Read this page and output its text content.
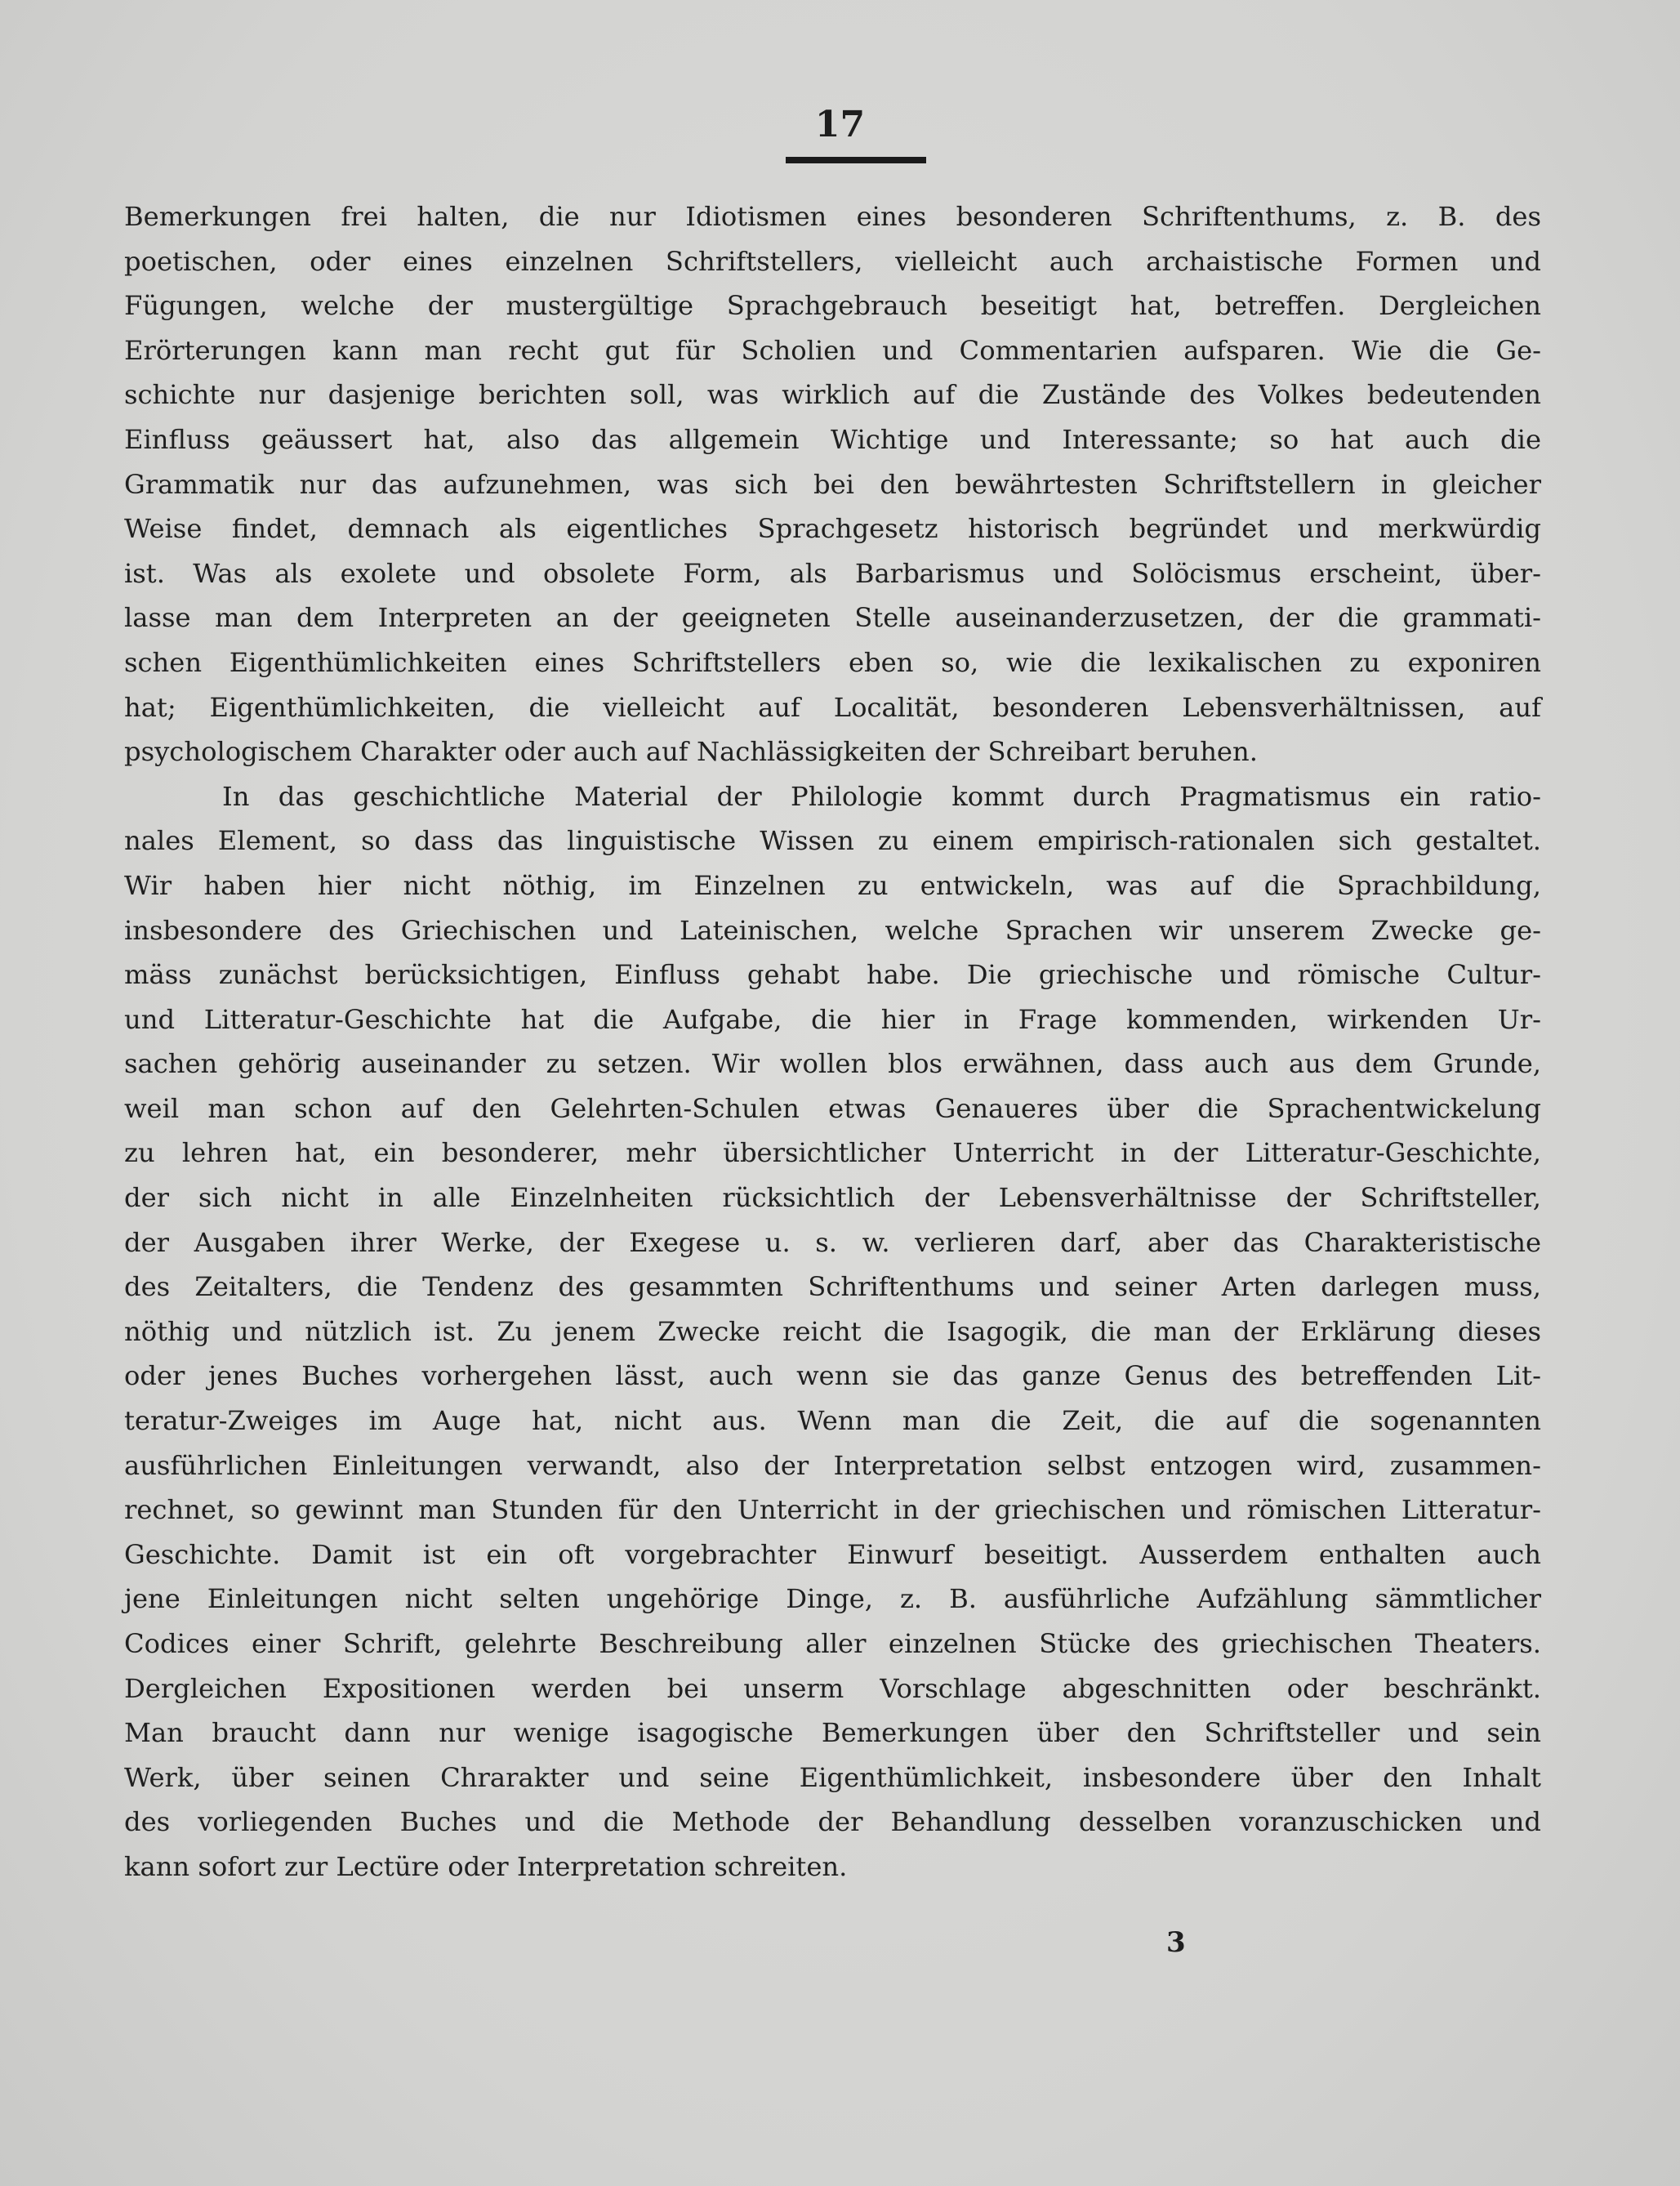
17
Bemerkungen frei halten, die nur Idiotismen eines besonderen Schriftenthums, z. B. des
poetischen, oder eines einzelnen Schriftstellers, vielleicht auch archaistische Formen und
Fügungen, welche der mustergültige Sprachgebrauch beseitigt hat, betreffen. Dergleichen
Erörterungen kann man recht gut für Scholien und Commentarien aufsparen. Wie die Ge-
schichte nur dasjenige berichten soll, was wirklich auf die Zustände des Volkes bedeutenden
Einfluss geäussert hat, also das allgemein Wichtige und Interessante; so hat auch die
Grammatik nur das aufzunehmen, was sich bei den bewährtesten Schriftstellern in gleicher
Weise findet, demnach als eigentliches Sprachgesetz historisch begründet und merkwürdig
ist. Was als exolete und obsolete Form, als Barbarismus und Solöcismus erscheint, über-
lasse man dem Interpreten an der geeigneten Stelle auseinanderzusetzen, der die grammati-
schen Eigenthümlichkeiten eines Schriftstellers eben so, wie die lexikalischen zu exponiren
hat; Eigenthümlichkeiten, die vielleicht auf Localität, besonderen Lebensverhältnissen, auf
psychologischem Charakter oder auch auf Nachlässigkeiten der Schreibart beruhen.
In das geschichtliche Material der Philologie kommt durch Pragmatismus ein ratio-
nales Element, so dass das linguistische Wissen zu einem empirisch-rationalen sich gestaltet.
Wir haben hier nicht nöthig, im Einzelnen zu entwickeln, was auf die Sprachbildung,
insbesondere des Griechischen und Lateinischen, welche Sprachen wir unserem Zwecke ge-
mäss zunächst berücksichtigen, Einfluss gehabt habe. Die griechische und römische Cultur-
und Litteratur-Geschichte hat die Aufgabe, die hier in Frage kommenden, wirkenden Ur-
sachen gehörig auseinander zu setzen. Wir wollen blos erwähnen, dass auch aus dem Grunde,
weil man schon auf den Gelehrten-Schulen etwas Genaueres über die Sprachentwickelung
zu lehren hat, ein besonderer, mehr übersichtlicher Unterricht in der Litteratur-Geschichte,
der sich nicht in alle Einzelnheiten rücksichtlich der Lebensverhältnisse der Schriftsteller,
der Ausgaben ihrer Werke, der Exegese u. s. w. verlieren darf, aber das Charakteristische
des Zeitalters, die Tendenz des gesammten Schriftenthums und seiner Arten darlegen muss,
nöthig und nützlich ist. Zu jenem Zwecke reicht die Isagogik, die man der Erklärung dieses
oder jenes Buches vorhergehen lässt, auch wenn sie das ganze Genus des betreffenden Lit-
teratur-Zweiges im Auge hat, nicht aus. Wenn man die Zeit, die auf die sogenannten
ausführlichen Einleitungen verwandt, also der Interpretation selbst entzogen wird, zusammen-
rechnet, so gewinnt man Stunden für den Unterricht in der griechischen und römischen Litteratur-
Geschichte. Damit ist ein oft vorgebrachter Einwurf beseitigt. Ausserdem enthalten auch
jene Einleitungen nicht selten ungehörige Dinge, z. B. ausführliche Aufzählung sämmtlicher
Codices einer Schrift, gelehrte Beschreibung aller einzelnen Stücke des griechischen Theaters.
Dergleichen Expositionen werden bei unserm Vorschlage abgeschnitten oder beschränkt.
Man braucht dann nur wenige isagogische Bemerkungen über den Schriftsteller und sein
Werk, über seinen Chrarakter und seine Eigenthümlichkeit, insbesondere über den Inhalt
des vorliegenden Buches und die Methode der Behandlung desselben voranzuschicken und
kann sofort zur Lectüre oder Interpretation schreiten.
3
